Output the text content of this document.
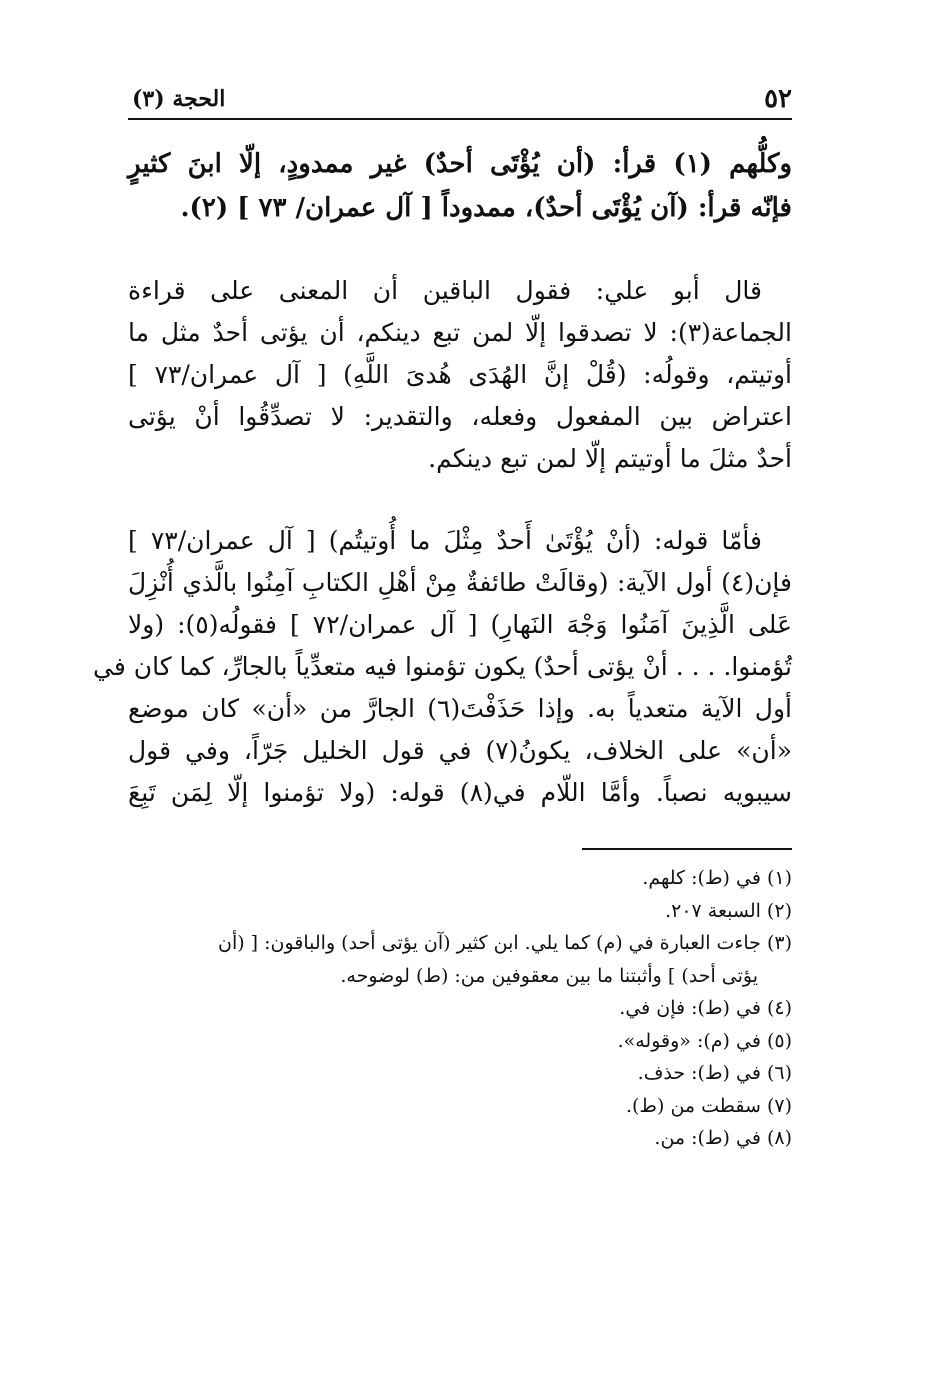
٥٢
الحجة (٣)
وكلُّهم (١) قرأ: (أن يُؤْتَى أحدٌ) غير ممدودٍ، إلّا ابنَ كثيرٍ
فإنّه قرأ: (آن يُؤْتَى أحدٌ)، ممدوداً [ آل عمران/ ٧٣ ] (٢).
قال أبو علي: فقول الباقين أن المعنى على قراءة
الجماعة(٣): لا تصدقوا إلّا لمن تبع دينكم، أن يؤتى أحدٌ مثل ما
أوتيتم، وقولُه: (قُلْ إنَّ الهُدَى هُدىَ اللَّهِ) [ آل عمران/٧٣ ]
اعتراض بين المفعول وفعله، والتقدير: لا تصدِّقُوا أنْ يؤتى
أحدٌ مثلَ ما أوتيتم إلّا لمن تبع دينكم.
فأمّا قوله: (أنْ يُؤْتَىٰ أَحدٌ مِثْلَ ما أُوتيتُم) [ آل عمران/٧٣ ]
فإن(٤) أول الآية: (وقالَتْ طائفةٌ مِنْ أهْلِ الكتابِ آمِنُوا بالَّذي أُنْزِلَ
عَلى الَّذِينَ آمَنُوا وَجْهَ النَهارِ) [ آل عمران/٧٢ ] فقولُه(٥): (ولا
تُؤمنوا. . . . أنْ يؤتى أحدٌ) يكون تؤمنوا فيه متعدِّياً بالجارِّ، كما كان في
أول الآية متعدياً به. وإذا حَذَفْتَ(٦) الجارَّ من «أن» كان موضع
«أن» على الخلاف، يكونُ(٧) في قول الخليل جَرّاً، وفي قول
سيبويه نصباً. وأمَّا اللّام في(٨) قوله: (ولا تؤمنوا إلّا لِمَن تَبِعَ
(١) في (ط): كلهم.
(٢) السبعة ٢٠٧.
(٣) جاءت العبارة في (م) كما يلي. ابن كثير (آن يؤتى أحد) والباقون: [ (أن
يؤتى أحد) ] وأثبتنا ما بين معقوفين من: (ط) لوضوحه.
(٤) في (ط): فإن في.
(٥) في (م): «وقوله».
(٦) في (ط): حذف.
(٧) سقطت من (ط).
(٨) في (ط): من.
